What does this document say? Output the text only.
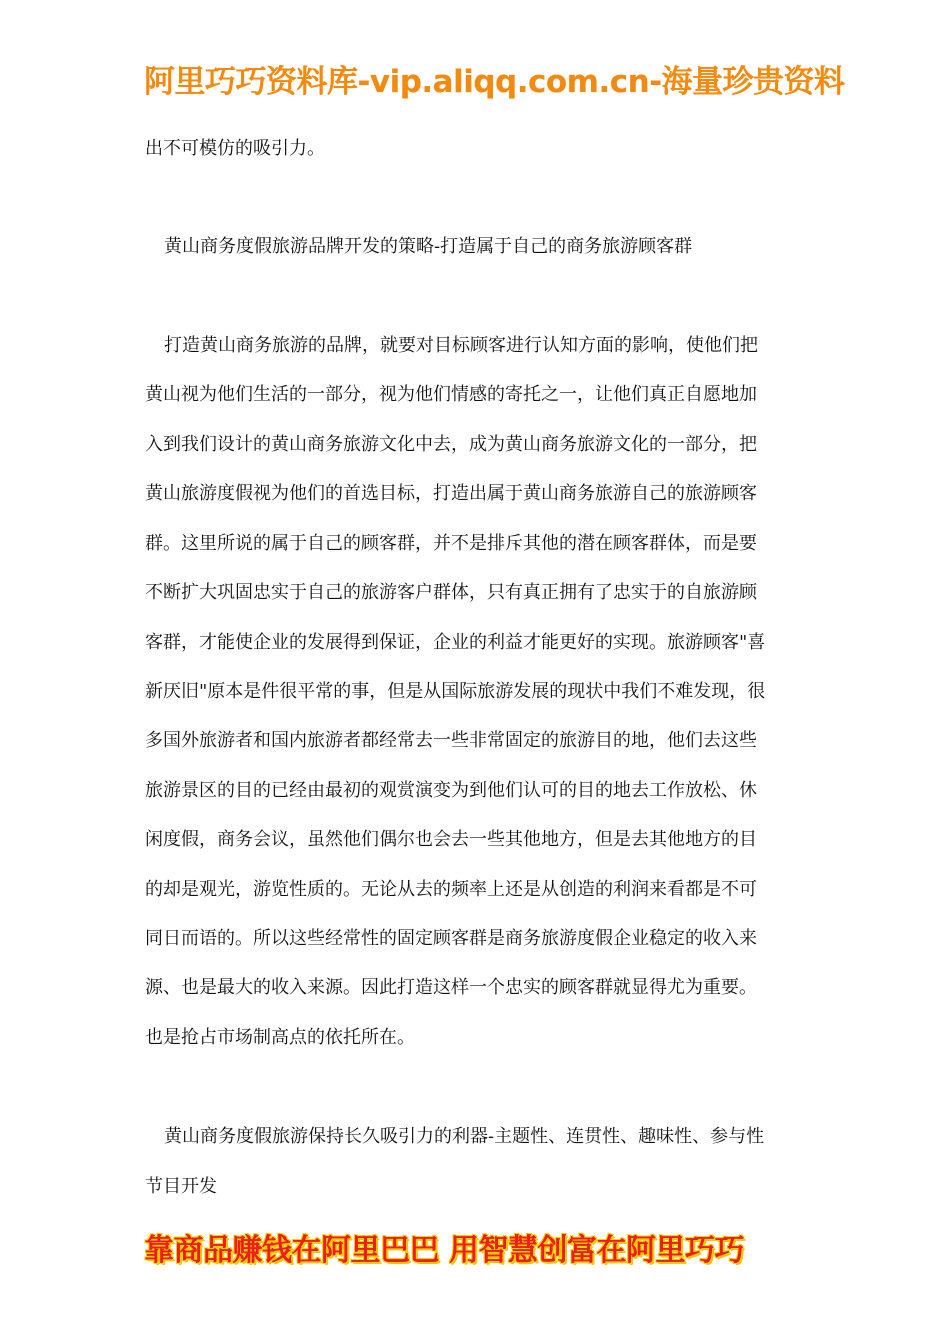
阿里巧巧资料库-vip.aliqq.com.cn-海量珍贵资料
出不可模仿的吸引力。
黄山商务度假旅游品牌开发的策略-打造属于自己的商务旅游顾客群
打造黄山商务旅游的品牌，就要对目标顾客进行认知方面的影响，使他们把
黄山视为他们生活的一部分，视为他们情感的寄托之一，让他们真正自愿地加
入到我们设计的黄山商务旅游文化中去，成为黄山商务旅游文化的一部分，把
黄山旅游度假视为他们的首选目标，打造出属于黄山商务旅游自己的旅游顾客
群。这里所说的属于自己的顾客群，并不是排斥其他的潜在顾客群体，而是要
不断扩大巩固忠实于自己的旅游客户群体，只有真正拥有了忠实于的自旅游顾
客群，才能使企业的发展得到保证，企业的利益才能更好的实现。旅游顾客"喜
新厌旧"原本是件很平常的事，但是从国际旅游发展的现状中我们不难发现，很
多国外旅游者和国内旅游者都经常去一些非常固定的旅游目的地，他们去这些
旅游景区的目的已经由最初的观赏演变为到他们认可的目的地去工作放松、休
闲度假，商务会议，虽然他们偶尔也会去一些其他地方，但是去其他地方的目
的却是观光，游览性质的。无论从去的频率上还是从创造的利润来看都是不可
同日而语的。所以这些经常性的固定顾客群是商务旅游度假企业稳定的收入来
源、也是最大的收入来源。因此打造这样一个忠实的顾客群就显得尤为重要。
也是抢占市场制高点的依托所在。
黄山商务度假旅游保持长久吸引力的利器-主题性、连贯性、趣味性、参与性
节目开发
靠商品赚钱在阿里巴巴 用智慧创富在阿里巧巧
